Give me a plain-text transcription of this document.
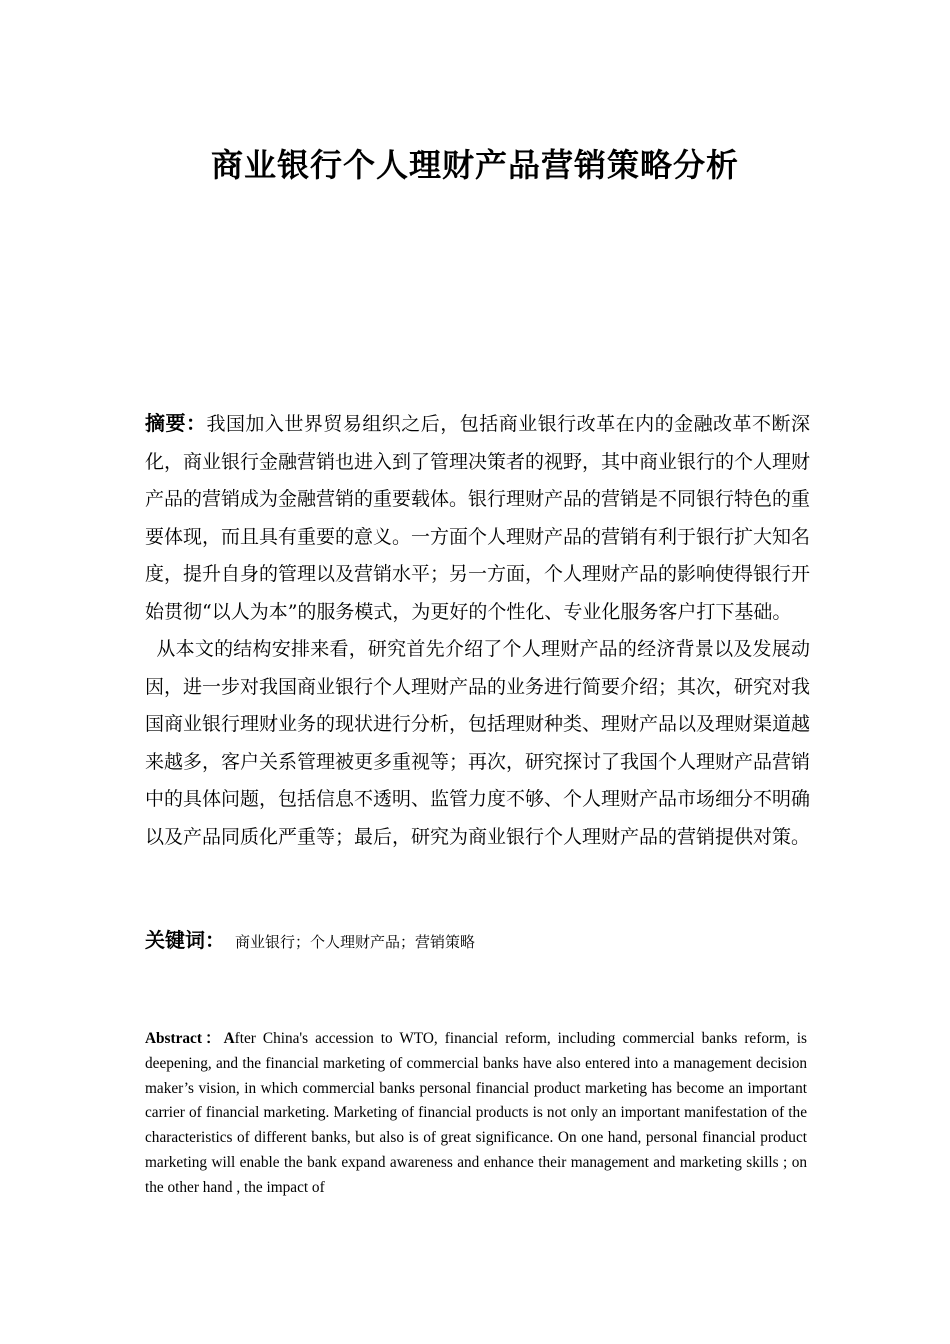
商业银行个人理财产品营销策略分析
摘要：我国加入世界贸易组织之后，包括商业银行改革在内的金融改革不断深化，商业银行金融营销也进入到了管理决策者的视野，其中商业银行的个人理财产品的营销成为金融营销的重要载体。银行理财产品的营销是不同银行特色的重要体现，而且具有重要的意义。一方面个人理财产品的营销有利于银行扩大知名度，提升自身的管理以及营销水平；另一方面，个人理财产品的影响使得银行开始贯彻“以人为本”的服务模式，为更好的个性化、专业化服务客户打下基础。
从本文的结构安排来看，研究首先介绍了个人理财产品的经济背景以及发展动因，进一步对我国商业银行个人理财产品的业务进行简要介绍；其次，研究对我国商业银行理财业务的现状进行分析，包括理财种类、理财产品以及理财渠道越来越多，客户关系管理被更多重视等；再次，研究探讨了我国个人理财产品营销中的具体问题，包括信息不透明、监管力度不够、个人理财产品市场细分不明确以及产品同质化严重等；最后，研究为商业银行个人理财产品的营销提供对策。
关键词： 商业银行；个人理财产品；营销策略
Abstract：After China's accession to WTO, financial reform, including commercial banks reform, is deepening, and the financial marketing of commercial banks have also entered into a management decision maker’s vision, in which commercial banks personal financial product marketing has become an important carrier of financial marketing. Marketing of financial products is not only an important manifestation of the characteristics of different banks, but also is of great significance. On one hand, personal financial product marketing will enable the bank expand awareness and enhance their management and marketing skills ; on the other hand , the impact of
